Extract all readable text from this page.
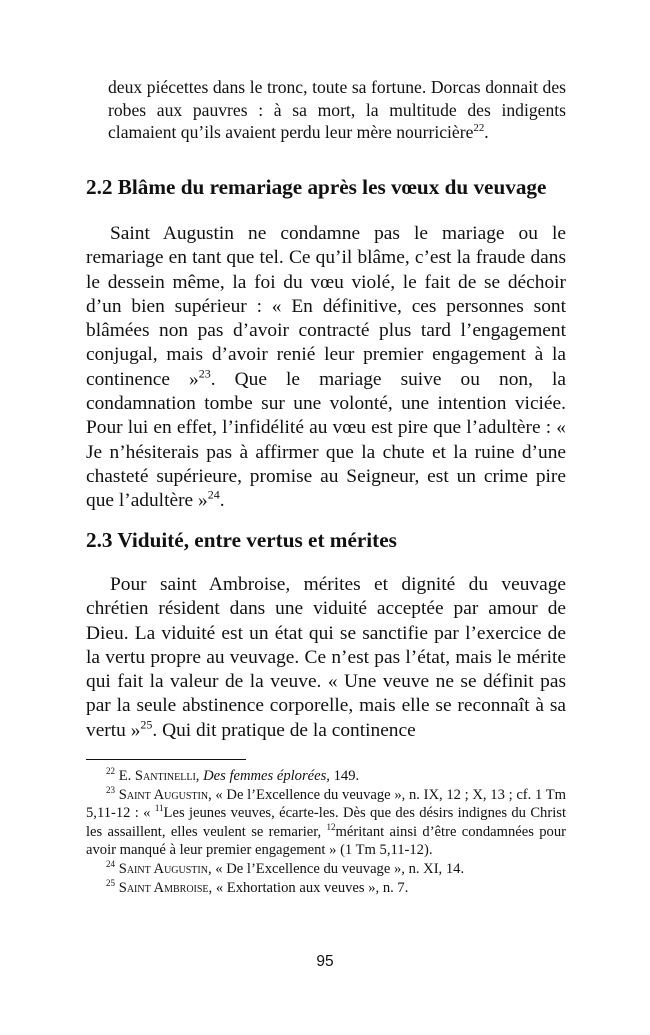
deux piécettes dans le tronc, toute sa fortune. Dorcas donnait des robes aux pauvres : à sa mort, la multitude des indigents clamaient qu’ils avaient perdu leur mère nourricière$^{22}$.

2.2 Blâme du remariage après les vœux du veuvage

Saint Augustin ne condamne pas le mariage ou le remariage en tant que tel. Ce qu’il blâme, c’est la fraude dans le dessein même, la foi du vœu violé, le fait de se déchoir d’un bien supérieur : « En définitive, ces personnes sont blâmées non pas d’avoir contracté plus tard l’engagement conjugal, mais d’avoir renié leur premier engagement à la continence »$^{23}$. Que le mariage suive ou non, la condamnation tombe sur une volonté, une intention viciée. Pour lui en effet, l’infidélité au vœu est pire que l’adultère : « Je n’hésiterais pas à affirmer que la chute et la ruine d’une chasteté supérieure, promise au Seigneur, est un crime pire que l’adultère »$^{24}$.

2.3 Viduité, entre vertus et mérites

Pour saint Ambroise, mérites et dignité du veuvage chrétien résident dans une viduité acceptée par amour de Dieu. La viduité est un état qui se sanctifie par l’exercice de la vertu propre au veuvage. Ce n’est pas l’état, mais le mérite qui fait la valeur de la veuve. « Une veuve ne se définit pas par la seule abstinence corporelle, mais elle se reconnaît à sa vertu »$^{25}$. Qui dit pratique de la continence

$^{22}$ E. Santinelli, Des femmes éplorées, 149.

$^{23}$ Saint Augustin, « De l’Excellence du veuvage », n. IX, 12 ; X, 13 ; cf. 1 Tm 5,11-12 : « $^{11}$Les jeunes veuves, écarte-les. Dès que des désirs indignes du Christ les assaillent, elles veulent se remarier, $^{12}$méritant ainsi d’être condamnées pour avoir manqué à leur premier engagement » (1 Tm 5,11-12).

$^{24}$ Saint Augustin, « De l’Excellence du veuvage », n. XI, 14.

$^{25}$ Saint Ambroise, « Exhortation aux veuves », n. 7.

95
